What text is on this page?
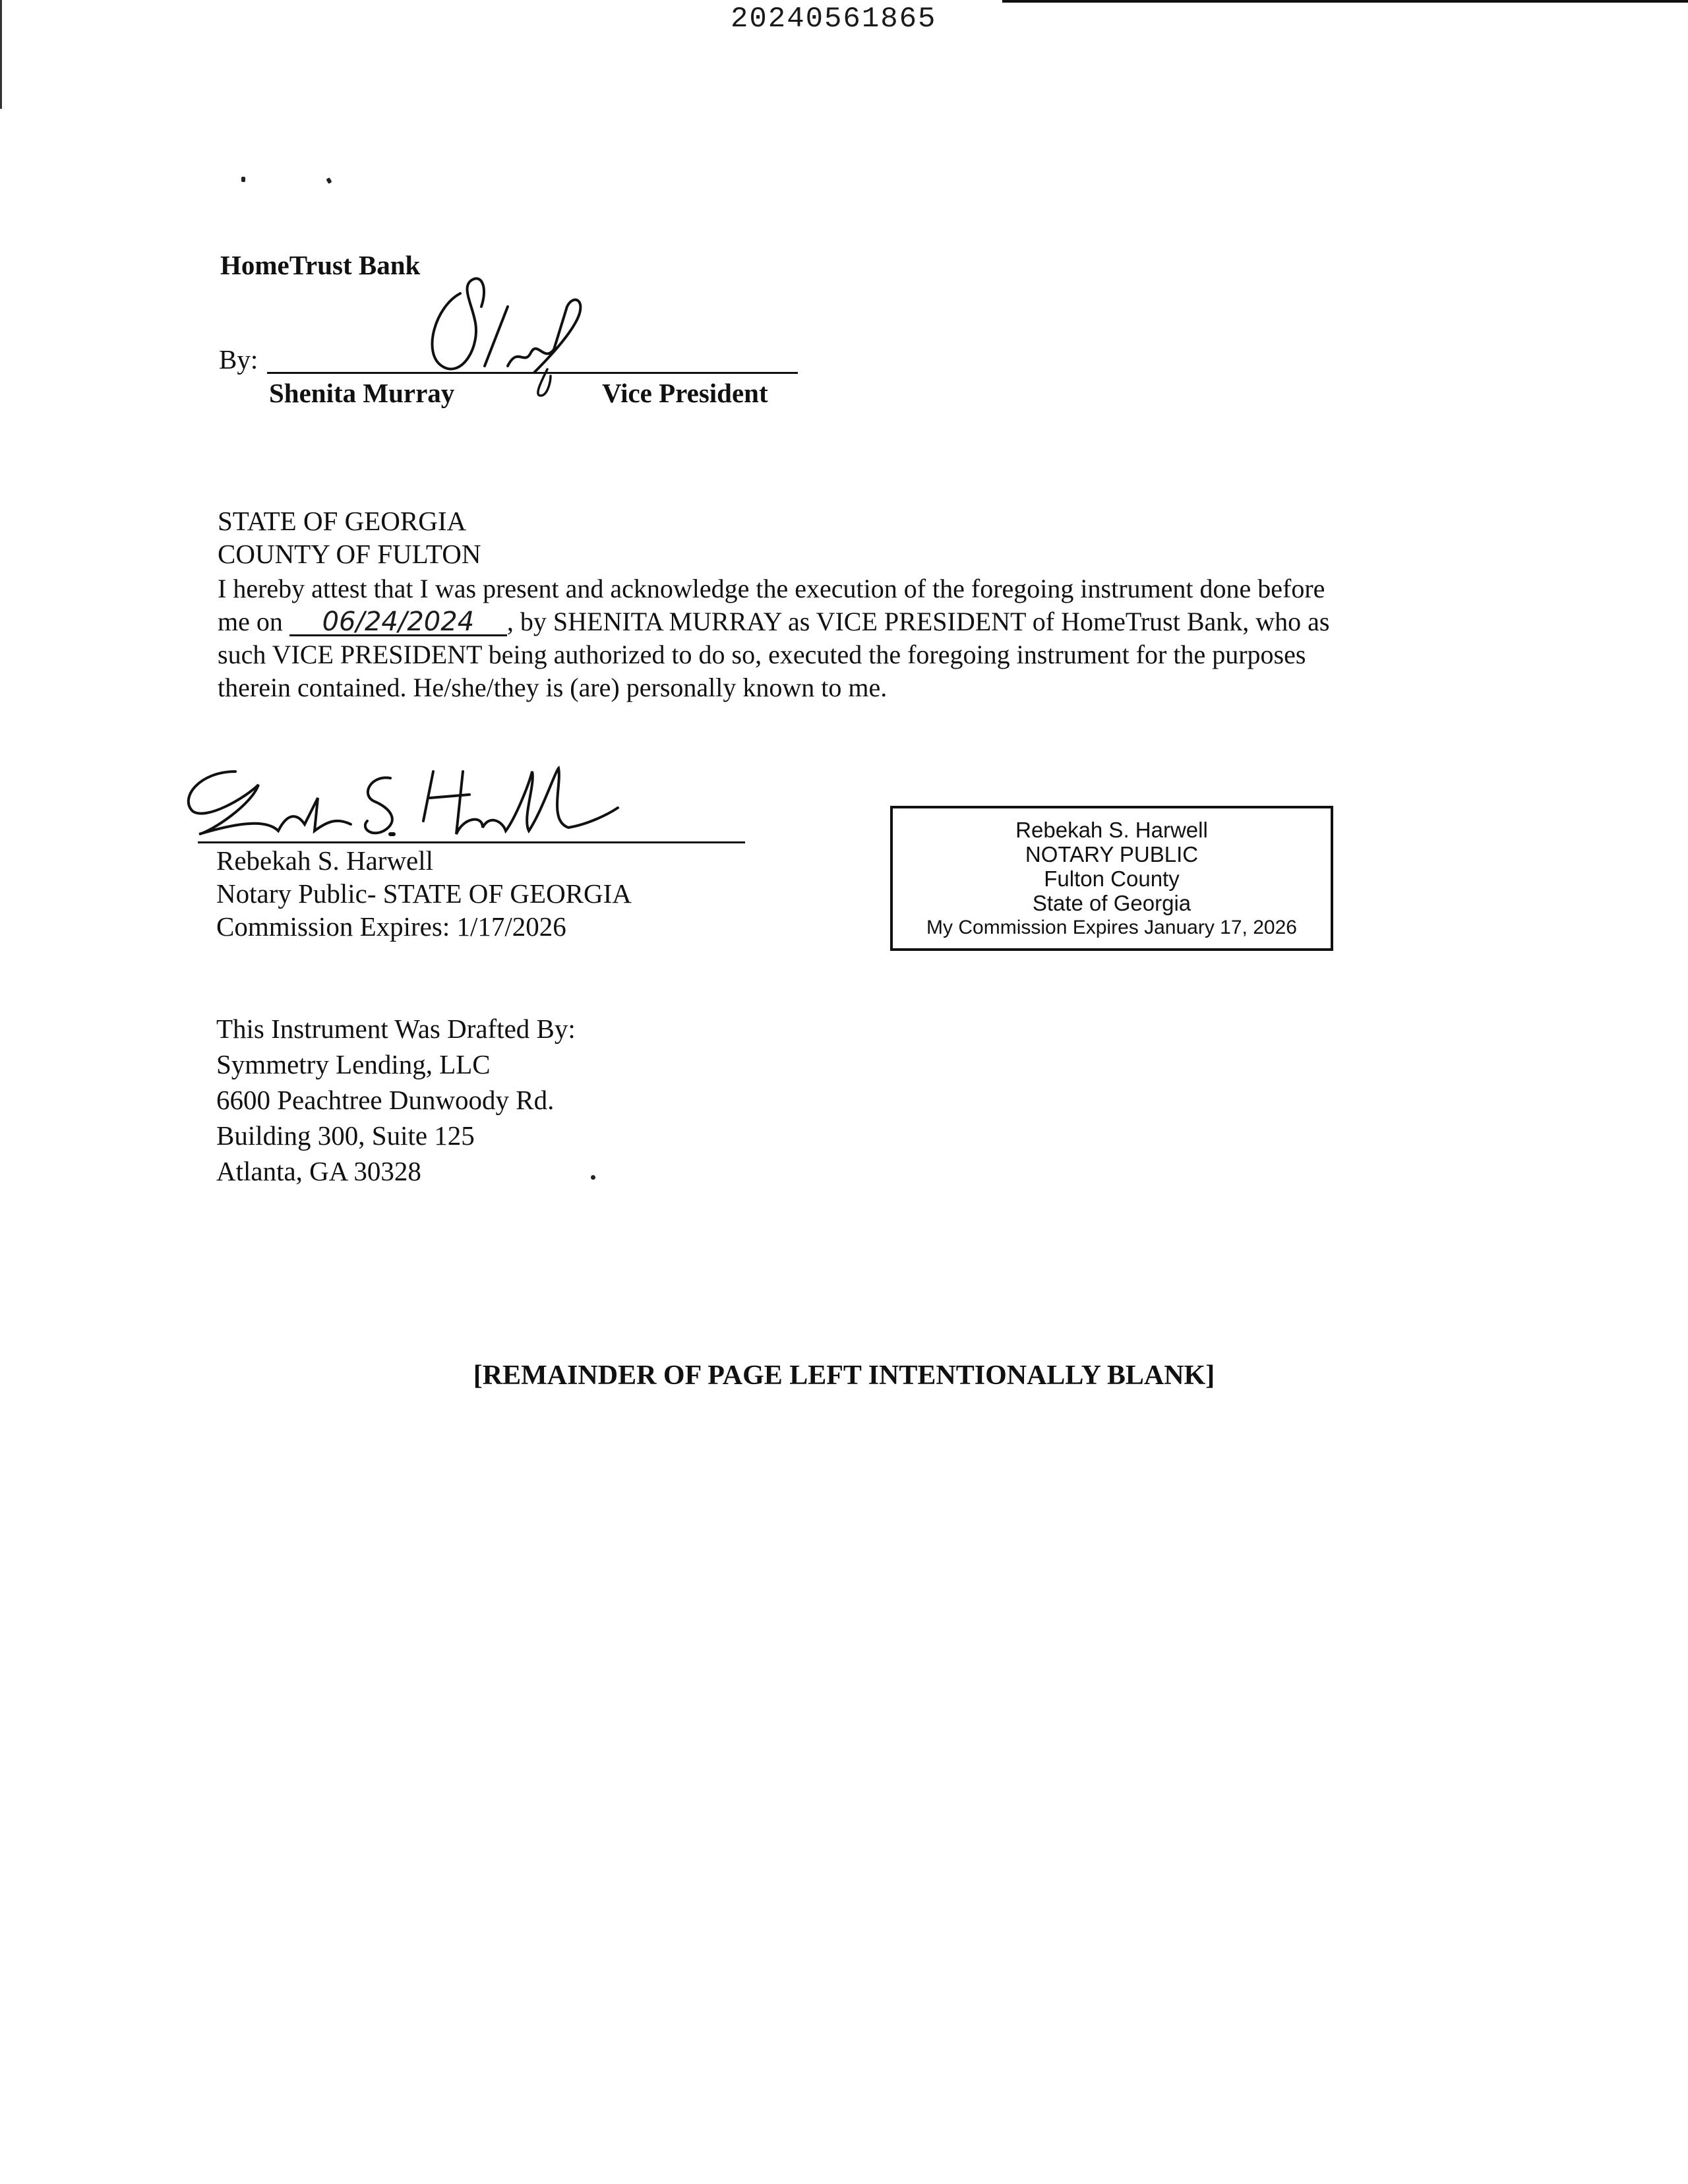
20240561865
HomeTrust Bank
By:
Shenita Murray	Vice President
STATE OF GEORGIA
COUNTY OF FULTON
I hereby attest that I was present and acknowledge the execution of the foregoing instrument done before
me on 06/24/2024 , by SHENITA MURRAY as VICE PRESIDENT of HomeTrust Bank, who as
such VICE PRESIDENT being authorized to do so, executed the foregoing instrument for the purposes
therein contained. He/she/they is (are) personally known to me.
Rebekah S. Harwell
Notary Public- STATE OF GEORGIA
Commission Expires: 1/17/2026
Rebekah S. Harwell
NOTARY PUBLIC
Fulton County
State of Georgia
My Commission Expires January 17, 2026
This Instrument Was Drafted By:
Symmetry Lending, LLC
6600 Peachtree Dunwoody Rd.
Building 300, Suite 125
Atlanta, GA 30328
[REMAINDER OF PAGE LEFT INTENTIONALLY BLANK]
